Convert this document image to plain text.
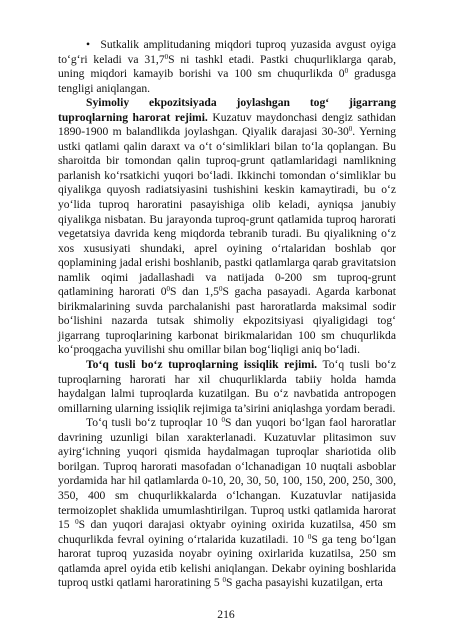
• Sutkalik amplitudaning miqdori tuproq yuzasida avgust oyiga to‘g‘ri keladi va 31,7$^0$S ni tashkl etadi. Pastki chuqurliklarga qarab, uning miqdori kamayib borishi va 100 sm chuqurlikda $0^0$ gradusga tengligi aniqlangan.

Syimoliy ekpozitsiyada joylashgan tog‘ jigarrang tuproqlarning harorat rejimi. Kuzatuv maydonchasi dengiz sathidan 1890-1900 m balandlikda joylashgan. Qiyalik darajasi $30-30^0$. Yerning ustki qatlami qalin daraxt va o‘t o‘simliklari bilan to‘la qoplangan. Bu sharoitda bir tomondan qalin tuproq-grunt qatlamlaridagi namlikning parlanish ko‘rsatkichi yuqori bo‘ladi. Ikkinchi tomondan o‘simliklar bu qiyalikga quyosh radiatsiyasini tushishini keskin kamaytiradi, bu o‘z yo‘lida tuproq haroratini pasayishiga olib keladi, ayniqsa janubiy qiyalikga nisbatan. Bu jarayonda tuproq-grunt qatlamida tuproq harorati vegetatsiya davrida keng miqdorda tebranib turadi. Bu qiyalikning o‘z xos xususiyati shundaki, aprel oyining o‘rtalaridan boshlab qor qoplamining jadal erishi boshlanib, pastki qatlamlarga qarab gravitatsion namlik oqimi jadallashadi va natijada 0-200 sm tuproq-grunt qatlamining harorati $0^0S$ dan $1,5^0S$ gacha pasayadi. Agarda karbonat birikmalarining suvda parchalanishi past haroratlarda maksimal sodir bo‘lishini nazarda tutsak shimoliy ekpozitsiyasi qiyaligidagi tog‘ jigarrang tuproqlarining karbonat birikmalaridan 100 sm chuqurlikda ko‘proqgacha yuvilishi shu omillar bilan bog‘liqligi aniq bo‘ladi.

To‘q tusli bo‘z tuproqlarning issiqlik rejimi. To‘q tusli bo‘z tuproqlarning harorati har xil chuqurliklarda tabiiy holda hamda haydalgan lalmi tuproqlarda kuzatilgan. Bu o‘z navbatida antropogen omillarning ularning issiqlik rejimiga ta’sirini aniqlashga yordam beradi.

To‘q tusli bo‘z tuproqlar 10 $^0$S dan yuqori bo‘lgan faol haroratlar davrining uzunligi bilan xarakterlanadi. Kuzatuvlar plitasimon suv ayirg‘ichning yuqori qismida haydalmagan tuproqlar shariotida olib borilgan. Tuproq harorati masofadan o‘lchanadigan 10 nuqtali asboblar yordamida har hil qatlamlarda 0-10, 20, 30, 50, 100, 150, 200, 250, 300, 350, 400 sm chuqurlikkalarda o‘lchangan. Kuzatuvlar natijasida termoizoplet shaklida umumlashtirilgan. Tuproq ustki qatlamida harorat 15 $^0$S dan yuqori darajasi oktyabr oyining oxirida kuzatilsa, 450 sm chuqurlikda fevral oyining o‘rtalarida kuzatiladi. 10 $^0$S ga teng bo‘lgan harorat tuproq yuzasida noyabr oyining oxirlarida kuzatilsa, 250 sm qatlamda aprel oyida etib kelishi aniqlangan. Dekabr oyining boshlarida tuproq ustki qatlami haroratining 5 $^0$S gacha pasayishi kuzatilgan, erta

216
